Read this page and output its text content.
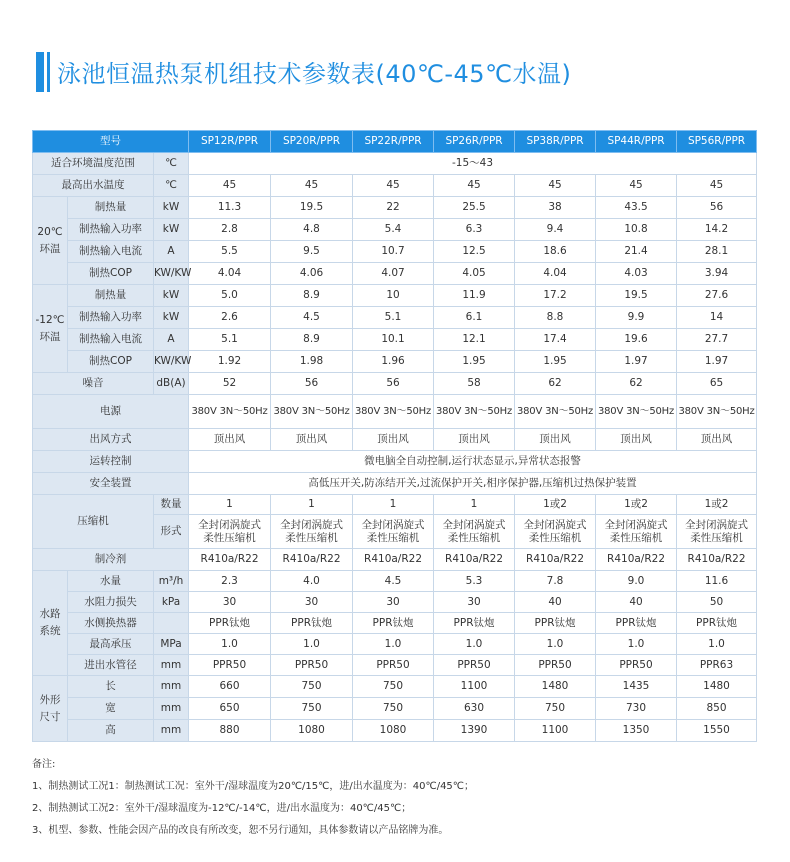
泳池恒温热泵机组技术参数表(40℃-45℃水温)
型号			SP12R/PPR	SP20R/PPR	SP22R/PPR	SP26R/PPR	SP38R/PPR	SP44R/PPR	SP56R/PPR
适合环境温度范围		℃	-15～43						
最高出水温度		℃	45	45	45	45	45	45	45
20℃
环温	制热量	kW	11.3	19.5	22	25.5	38	43.5	56
	制热输入功率	kW	2.8	4.8	5.4	6.3	9.4	10.8	14.2
	制热输入电流	A	5.5	9.5	10.7	12.5	18.6	21.4	28.1
	制热COP	KW/KW	4.04	4.06	4.07	4.05	4.04	4.03	3.94
-12℃
环温	制热量	kW	5.0	8.9	10	11.9	17.2	19.5	27.6
	制热输入功率	kW	2.6	4.5	5.1	6.1	8.8	9.9	14
	制热输入电流	A	5.1	8.9	10.1	12.1	17.4	19.6	27.7
	制热COP	KW/KW	1.92	1.98	1.96	1.95	1.95	1.97	1.97
噪音		dB(A)	52	56	56	58	62	62	65
电源			380V 3N～50Hz	380V 3N～50Hz	380V 3N～50Hz	380V 3N～50Hz	380V 3N～50Hz	380V 3N～50Hz	380V 3N～50Hz
出风方式			顶出风	顶出风	顶出风	顶出风	顶出风	顶出风	顶出风
运转控制			微电脑全自动控制,运行状态显示,异常状态报警						
安全装置			高低压开关,防冻结开关,过流保护开关,相序保护器,压缩机过热保护装置						
压缩机		数量	1	1	1	1	1或2	1或2	1或2
		形式	全封闭涡旋式柔性压缩机	全封闭涡旋式柔性压缩机	全封闭涡旋式柔性压缩机	全封闭涡旋式柔性压缩机	全封闭涡旋式柔性压缩机	全封闭涡旋式柔性压缩机	全封闭涡旋式柔性压缩机
制冷剂			R410a/R22	R410a/R22	R410a/R22	R410a/R22	R410a/R22	R410a/R22	R410a/R22
水路
系统	水量	m³/h	2.3	4.0	4.5	5.3	7.8	9.0	11.6
	水阻力损失	kPa	30	30	30	30	40	40	50
	水侧换热器		PPR钛炮	PPR钛炮	PPR钛炮	PPR钛炮	PPR钛炮	PPR钛炮	PPR钛炮
	最高承压	MPa	1.0	1.0	1.0	1.0	1.0	1.0	1.0
	进出水管径	mm	PPR50	PPR50	PPR50	PPR50	PPR50	PPR50	PPR63
外形
尺寸	长	mm	660	750	750	1100	1480	1435	1480
	宽	mm	650	750	750	630	750	730	850
	高	mm	880	1080	1080	1390	1100	1350	1550
备注:
1、制热测试工况1：制热测试工况：室外干/湿球温度为20℃/15℃，进/出水温度为：40℃/45℃；
2、制热测试工况2：室外干/湿球温度为-12℃/-14℃，进/出水温度为：40℃/45℃；
3、机型、参数、性能会因产品的改良有所改变，恕不另行通知，具体参数请以产品铭牌为准。
